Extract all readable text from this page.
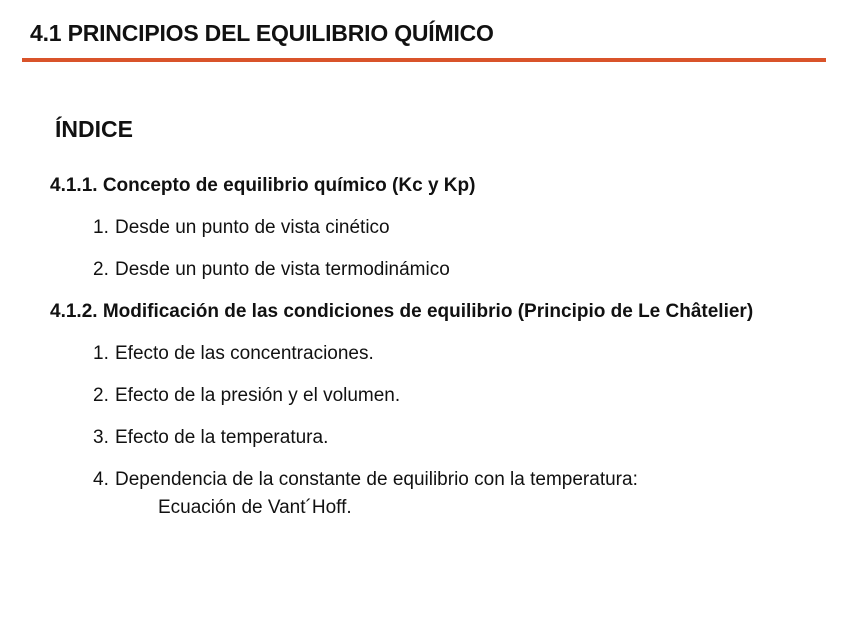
4.1 PRINCIPIOS DEL EQUILIBRIO QUÍMICO
ÍNDICE
4.1.1. Concepto de equilibrio químico (Kc y Kp)
1. Desde un punto de vista cinético
2. Desde un punto de vista termodinámico
4.1.2. Modificación de las condiciones de equilibrio (Principio de Le Châtelier)
1. Efecto de las concentraciones.
2. Efecto de la presión y el volumen.
3. Efecto de la temperatura.
4. Dependencia de la constante de equilibrio con la temperatura:
Ecuación de Vant´Hoff.
